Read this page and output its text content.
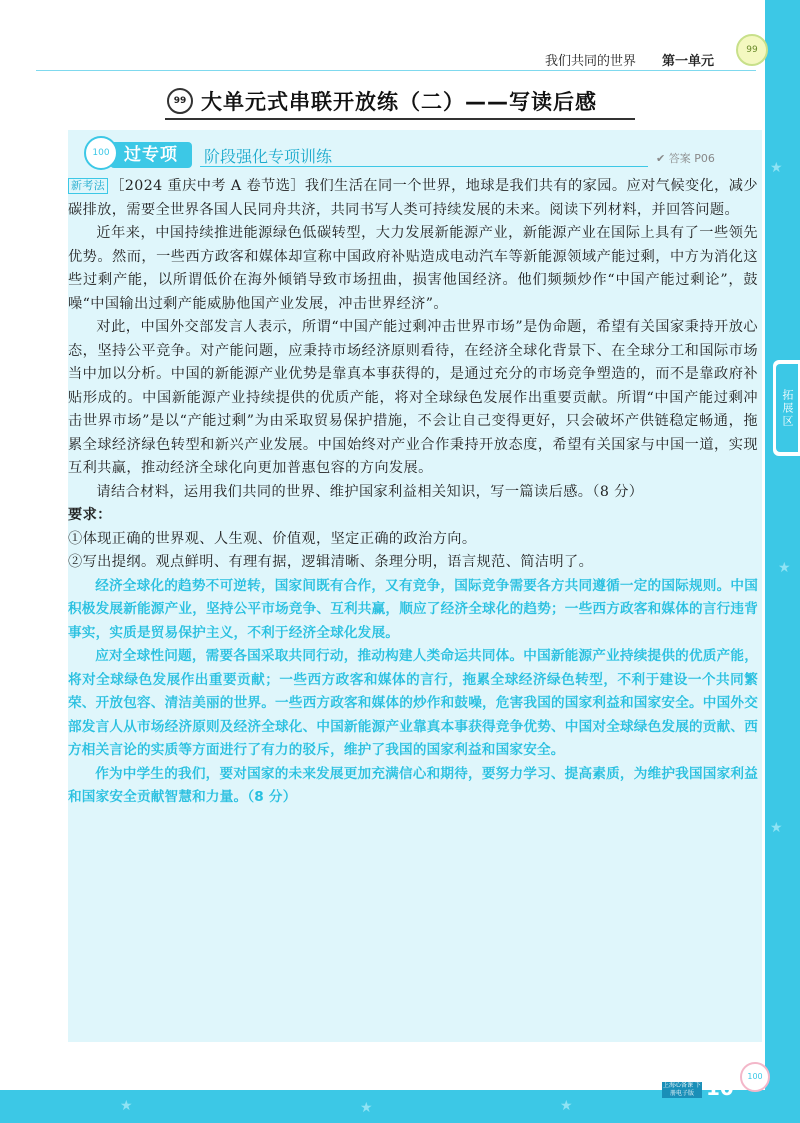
★
★
★
★	★	★
拓展区
我们共同的世界 第一单元
99
99 大单元式串联开放练（二）——写读后感
过专项
100	阶段强化专项训练	✔ 答案 P06

新考法 ［2024 重庆中考 A 卷节选］我们生活在同一个世界，地球是我们共有的家园。应对气候变化，减少碳排放，需要全世界各国人民同舟共济，共同书写人类可持续发展的未来。阅读下列材料，并回答问题。

近年来，中国持续推进能源绿色低碳转型，大力发展新能源产业，新能源产业在国际上具有了一些领先优势。然而，一些西方政客和媒体却宣称中国政府补贴造成电动汽车等新能源领域产能过剩，中方为消化这些过剩产能，以所谓低价在海外倾销导致市场扭曲，损害他国经济。他们频频炒作“中国产能过剩论”，鼓噪“中国输出过剩产能威胁他国产业发展，冲击世界经济”。

对此，中国外交部发言人表示，所谓“中国产能过剩冲击世界市场”是伪命题，希望有关国家秉持开放心态，坚持公平竞争。对产能问题，应秉持市场经济原则看待，在经济全球化背景下、在全球分工和国际市场当中加以分析。中国的新能源产业优势是靠真本事获得的，是通过充分的市场竞争塑造的，而不是靠政府补贴形成的。中国新能源产业持续提供的优质产能，将对全球绿色发展作出重要贡献。所谓“中国产能过剩冲击世界市场”是以“产能过剩”为由采取贸易保护措施，不会让自己变得更好，只会破坏产供链稳定畅通，拖累全球经济绿色转型和新兴产业发展。中国始终对产业合作秉持开放态度，希望有关国家与中国一道，实现互利共赢，推动经济全球化向更加普惠包容的方向发展。

请结合材料，运用我们共同的世界、维护国家利益相关知识，写一篇读后感。（8 分）

要求：

①体现正确的世界观、人生观、价值观，坚定正确的政治方向。

②写出提纲。观点鲜明、有理有据，逻辑清晰、条理分明，语言规范、简洁明了。

经济全球化的趋势不可逆转，国家间既有合作，又有竞争，国际竞争需要各方共同遵循一定的国际规则。中国积极发展新能源产业，坚持公平市场竞争、互利共赢，顺应了经济全球化的趋势；一些西方政客和媒体的言行违背事实，实质是贸易保护主义，不利于经济全球化发展。

应对全球性问题，需要各国采取共同行动，推动构建人类命运共同体。中国新能源产业持续提供的优质产能，将对全球绿色发展作出重要贡献；一些西方政客和媒体的言行，拖累全球经济绿色转型，不利于建设一个共同繁荣、开放包容、清洁美丽的世界。一些西方政客和媒体的炒作和鼓噪，危害我国的国家利益和国家安全。中国外交部发言人从市场经济原则及经济全球化、中国新能源产业靠真本事获得竞争优势、中国对全球绿色发展的贡献、西方相关言论的实质等方面进行了有力的驳斥，维护了我国的国家利益和国家安全。

作为中学生的我们，要对国家的未来发展更加充满信心和期待，要努力学习、提高素质，为维护我国国家利益和国家安全贡献智慧和力量。（8 分）

上海心备课 下册电子版 10	100
